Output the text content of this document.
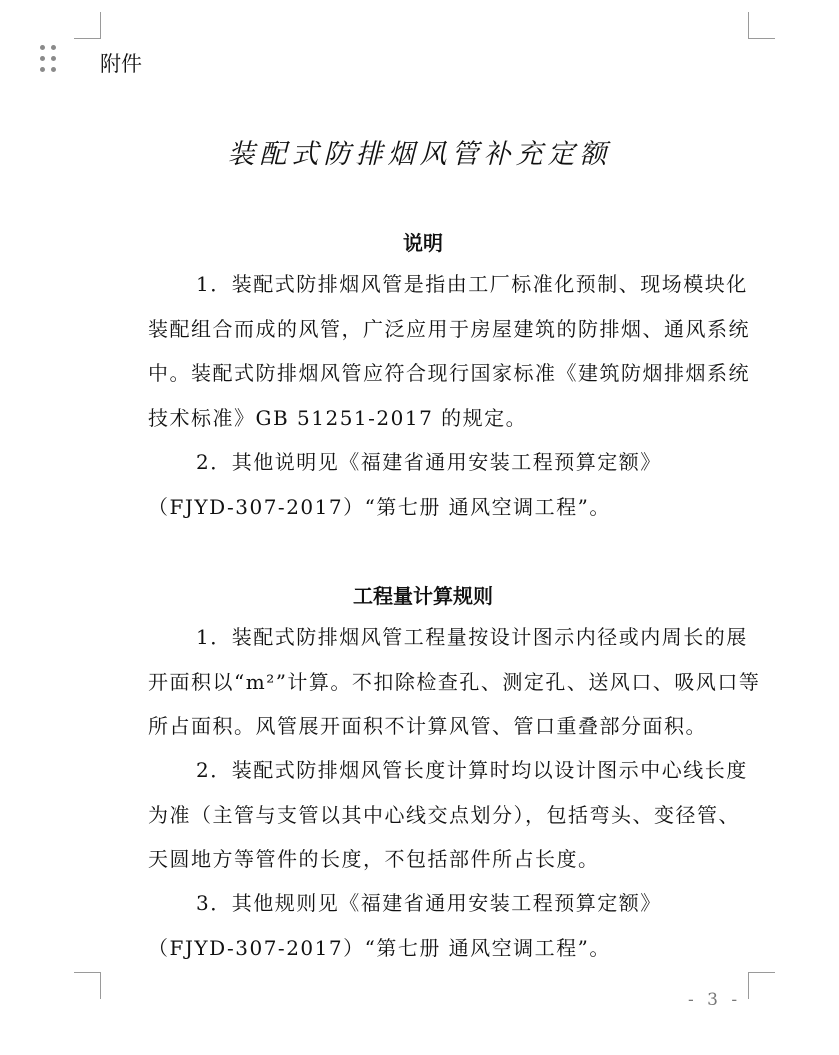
附件
装配式防排烟风管补充定额
说明
1．装配式防排烟风管是指由工厂标准化预制、现场模块化
装配组合而成的风管，广泛应用于房屋建筑的防排烟、通风系统
中。装配式防排烟风管应符合现行国家标准《建筑防烟排烟系统
技术标准》GB 51251-2017 的规定。
2．其他说明见《福建省通用安装工程预算定额》
（FJYD-307-2017）“第七册 通风空调工程”。
工程量计算规则
1．装配式防排烟风管工程量按设计图示内径或内周长的展
开面积以“m²”计算。不扣除检查孔、测定孔、送风口、吸风口等
所占面积。风管展开面积不计算风管、管口重叠部分面积。
2．装配式防排烟风管长度计算时均以设计图示中心线长度
为准（主管与支管以其中心线交点划分），包括弯头、变径管、
天圆地方等管件的长度，不包括部件所占长度。
3．其他规则见《福建省通用安装工程预算定额》
（FJYD-307-2017）“第七册 通风空调工程”。
- 3 -
